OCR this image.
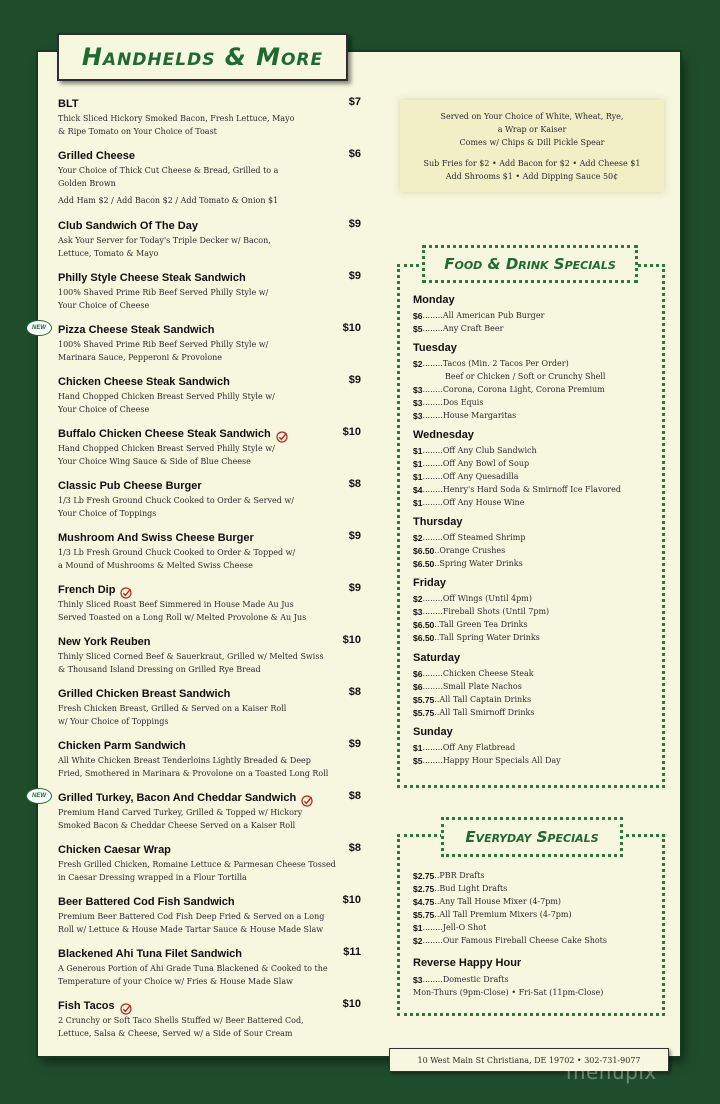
Handhelds & More
BLT	$7
Thick Sliced Hickory Smoked Bacon, Fresh Lettuce, Mayo
& Ripe Tomato on Your Choice of Toast
Grilled Cheese	$6
Your Choice of Thick Cut Cheese & Bread, Grilled to a
Golden Brown
Add Ham $2 / Add Bacon $2 / Add Tomato & Onion $1
Club Sandwich Of The Day	$9
Ask Your Server for Today's Triple Decker w/ Bacon,
Lettuce, Tomato & Mayo
Philly Style Cheese Steak Sandwich	$9
100% Shaved Prime Rib Beef Served Philly Style w/
Your Choice of Cheese
Pizza Cheese Steak Sandwich	$10
NEW
100% Shaved Prime Rib Beef Served Philly Style w/
Marinara Sauce, Pepperoni & Provolone
Chicken Cheese Steak Sandwich	$9
Hand Chopped Chicken Breast Served Philly Style w/
Your Choice of Cheese
Buffalo Chicken Cheese Steak Sandwich	$10
Hand Chopped Chicken Breast Served Philly Style w/
Your Choice Wing Sauce & Side of Blue Cheese
Classic Pub Cheese Burger	$8
1/3 Lb Fresh Ground Chuck Cooked to Order & Served w/
Your Choice of Toppings
Mushroom And Swiss Cheese Burger	$9
1/3 Lb Fresh Ground Chuck Cooked to Order & Topped w/
a Mound of Mushrooms & Melted Swiss Cheese
French Dip	$9
Thinly Sliced Roast Beef Simmered in House Made Au Jus
Served Toasted on a Long Roll w/ Melted Provolone & Au Jus
New York Reuben	$10
Thinly Sliced Corned Beef & Sauerkraut, Grilled w/ Melted Swiss
& Thousand Island Dressing on Grilled Rye Bread
Grilled Chicken Breast Sandwich	$8
Fresh Chicken Breast, Grilled & Served on a Kaiser Roll
w/ Your Choice of Toppings
Chicken Parm Sandwich	$9
All White Chicken Breast Tenderloins Lightly Breaded & Deep
Fried, Smothered in Marinara & Provolone on a Toasted Long Roll
Grilled Turkey, Bacon And Cheddar Sandwich	$8
NEW
Premium Hand Carved Turkey, Grilled & Topped w/ Hickory
Smoked Bacon & Cheddar Cheese Served on a Kaiser Roll
Chicken Caesar Wrap	$8
Fresh Grilled Chicken, Romaine Lettuce & Parmesan Cheese Tossed
in Caesar Dressing wrapped in a Flour Tortilla
Beer Battered Cod Fish Sandwich	$10
Premium Beer Battered Cod Fish Deep Fried & Served on a Long
Roll w/ Lettuce & House Made Tartar Sauce & House Made Slaw
Blackened Ahi Tuna Filet Sandwich	$11
A Generous Portion of Ahi Grade Tuna Blackened & Cooked to the
Temperature of your Choice w/ Fries & House Made Slaw
Fish Tacos	$10
2 Crunchy or Soft Taco Shells Stuffed w/ Beer Battered Cod,
Lettuce, Salsa & Cheese, Served w/ a Side of Sour Cream
Served on Your Choice of White, Wheat, Rye,
a Wrap or Kaiser
Comes w/ Chips & Dill Pickle Spear
Sub Fries for $2 • Add Bacon for $2 • Add Cheese $1
Add Shrooms $1 • Add Dipping Sauce 50¢
Food & Drink Specials
Monday
$6 ........ All American Pub Burger
$5 ........ Any Craft Beer
Tuesday
$2 ........ Tacos (Min. 2 Tacos Per Order)
Beef or Chicken / Soft or Crunchy Shell
$3 ........ Corona, Corona Light, Corona Premium
$3 ........ Dos Equis
$3 ........ House Margaritas
Wednesday
$1 ........ Off Any Club Sandwich
$1 ........ Off Any Bowl of Soup
$1 ........ Off Any Quesadilla
$4 ........ Henry's Hard Soda & Smirnoff Ice Flavored
$1 ........ Off Any House Wine
Thursday
$2 ........ Off Steamed Shrimp
$6.50 .. Orange Crushes
$6.50 .. Spring Water Drinks
Friday
$2 ........ Off Wings (Until 4pm)
$3 ........ Fireball Shots (Until 7pm)
$6.50 .. Tall Green Tea Drinks
$6.50 .. Tall Spring Water Drinks
Saturday
$6 ........ Chicken Cheese Steak
$6 ........ Small Plate Nachos
$5.75 .. All Tall Captain Drinks
$5.75 .. All Tall Smirnoff Drinks
Sunday
$1 ........ Off Any Flatbread
$5 ........ Happy Hour Specials All Day
Everyday Specials
$2.75 .. PBR Drafts
$2.75 .. Bud Light Drafts
$4.75 .. Any Tall House Mixer (4-7pm)
$5.75 .. All Tall Premium Mixers (4-7pm)
$1 ........ Jell-O Shot
$2 ........ Our Famous Fireball Cheese Cake Shots
Reverse Happy Hour
$3 ........ Domestic Drafts
Mon-Thurs (9pm-Close) • Fri-Sat (11pm-Close)
10 West Main St Christiana, DE 19702 • 302-731-9077
menupix
